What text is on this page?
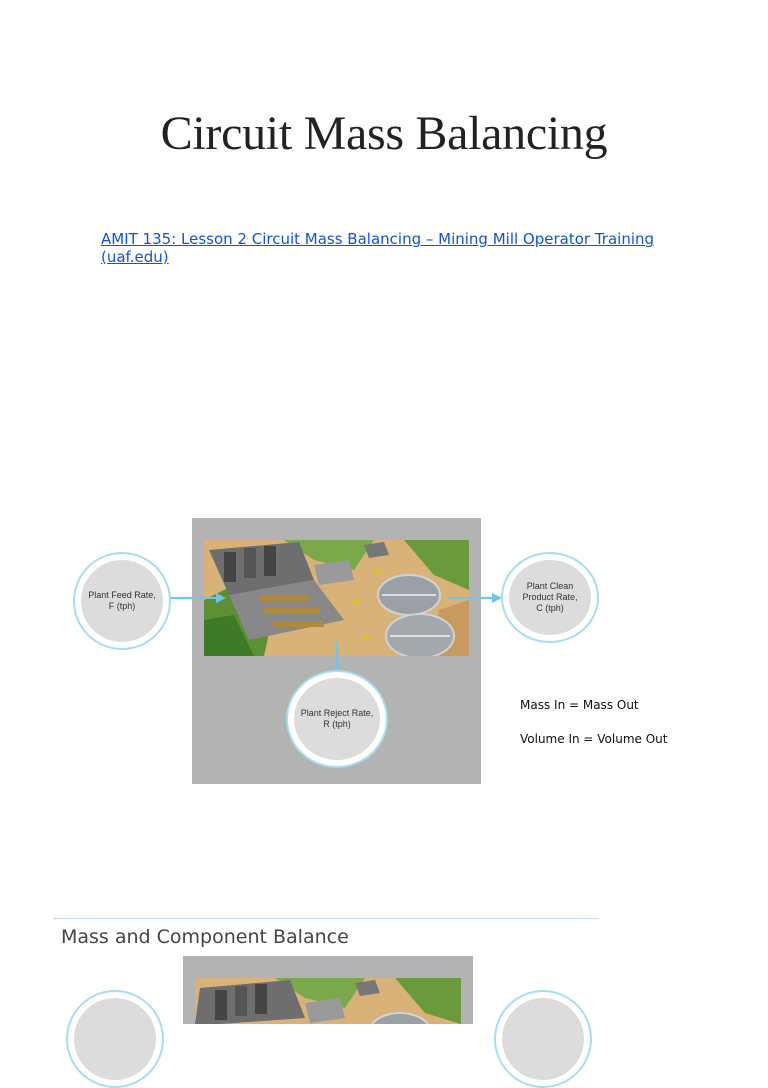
Circuit Mass Balancing
AMIT 135: Lesson 2 Circuit Mass Balancing – Mining Mill Operator Training (uaf.edu)
Plant Feed Rate,
F (tph)
Plant Clean
Product Rate,
C (tph)
Plant Reject Rate,
R (tph)
Mass In = Mass Out
Volume In = Volume Out
Mass and Component Balance
